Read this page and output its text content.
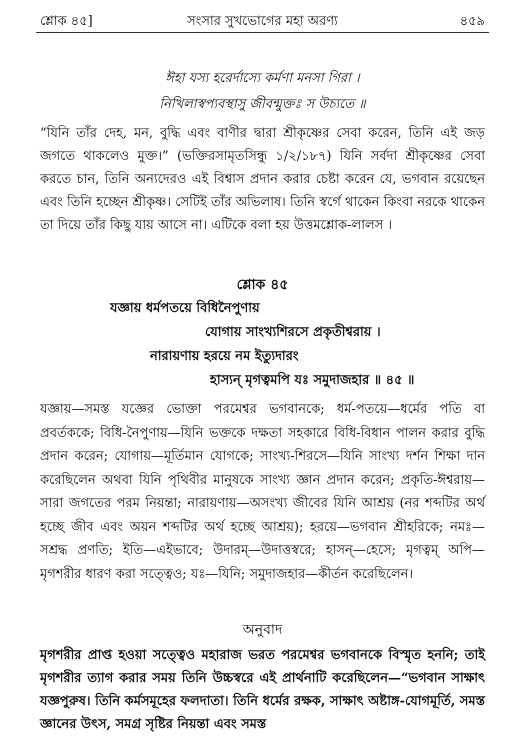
শ্লোক ৪৫]	সংসার সুখভোগের মহা অরণ্য	৪৫৯

ঈহা যস্য হরের্দাস্যে কর্মণা মনসা গিরা ।

নিখিলাস্বপ্যবস্থাসু জীবন্মুক্তঃ স উচ্যতে ॥

“যিনি তাঁর দেহ, মন, বুদ্ধি এবং বাণীর দ্বারা শ্রীকৃষ্ণের সেবা করেন, তিনি এই জড় জগতে থাকলেও মুক্ত।” (ভক্তিরসামৃতসিন্ধু ১/২/১৮৭) যিনি সর্বদা শ্রীকৃষ্ণের সেবা করতে চান, তিনি অন্যদেরও এই বিশ্বাস প্রদান করার চেষ্টা করেন যে, ভগবান রয়েছেন এবং তিনি হচ্ছেন শ্রীকৃষ্ণ। সেটিই তাঁর অভিলাষ। তিনি স্বর্গে থাকেন কিংবা নরকে থাকেন তা দিয়ে তাঁর কিছু যায় আসে না। এটিকে বলা হয় উত্তমশ্লোক-লালস ।
শ্লোক ৪৫

যজ্ঞায় ধর্মপতয়ে বিধিনৈপুণায়

যোগায় সাংখ্যশিরসে প্রকৃতীশ্বরায় ।

নারায়ণায় হরয়ে নম ইত্যুদারং

হাস্যন্ মৃগত্বমপি যঃ সমুদাজহার ॥ ৪৫ ॥

যজ্ঞায়—সমস্ত যজ্ঞের ভোক্তা পরমেশ্বর ভগবানকে; ধর্ম-পতয়ে—ধর্মের পতি বা প্রবর্তককে; বিধি-নৈপুণায়—যিনি ভক্তকে দক্ষতা সহকারে বিধি-বিধান পালন করার বুদ্ধি প্রদান করেন; যোগায়—মূর্তিমান যোগকে; সাংখ্য-শিরসে—যিনি সাংখ্য দর্শন শিক্ষা দান করেছিলেন অথবা যিনি পৃথিবীর মানুষকে সাংখ্য জ্ঞান প্রদান করেন; প্রকৃতি-ঈশ্বরায়—সারা জগতের পরম নিয়ন্তা; নারায়ণায়—অসংখ্য জীবের যিনি আশ্রয় (নর শব্দটির অর্থ হচ্ছে জীব এবং অয়ন শব্দটির অর্থ হচ্ছে আশ্রয়); হরয়ে—ভগবান শ্রীহরিকে; নমঃ—সশ্রদ্ধ প্রণতি; ইতি—এইভাবে; উদারম্—উদাত্তস্বরে; হাসন্—হেসে; মৃগত্বম্ অপি—মৃগশরীর ধারণ করা সত্ত্বেও; যঃ—যিনি; সমুদাজহার—কীর্তন করেছিলেন।
অনুবাদ
মৃগশরীর প্রাপ্ত হওয়া সত্ত্বেও মহারাজ ভরত পরমেশ্বর ভগবানকে বিস্মৃত হননি; তাই মৃগশরীর ত্যাগ করার সময় তিনি উচ্চস্বরে এই প্রার্থনাটি করেছিলেন—“ভগবান সাক্ষাৎ যজ্ঞপুরুষ। তিনি কর্মসমূহের ফলদাতা। তিনি ধর্মের রক্ষক, সাক্ষাৎ অষ্টাঙ্গ-যোগমূর্তি, সমস্ত জ্ঞানের উৎস, সমগ্র সৃষ্টির নিয়ন্তা এবং সমস্ত
